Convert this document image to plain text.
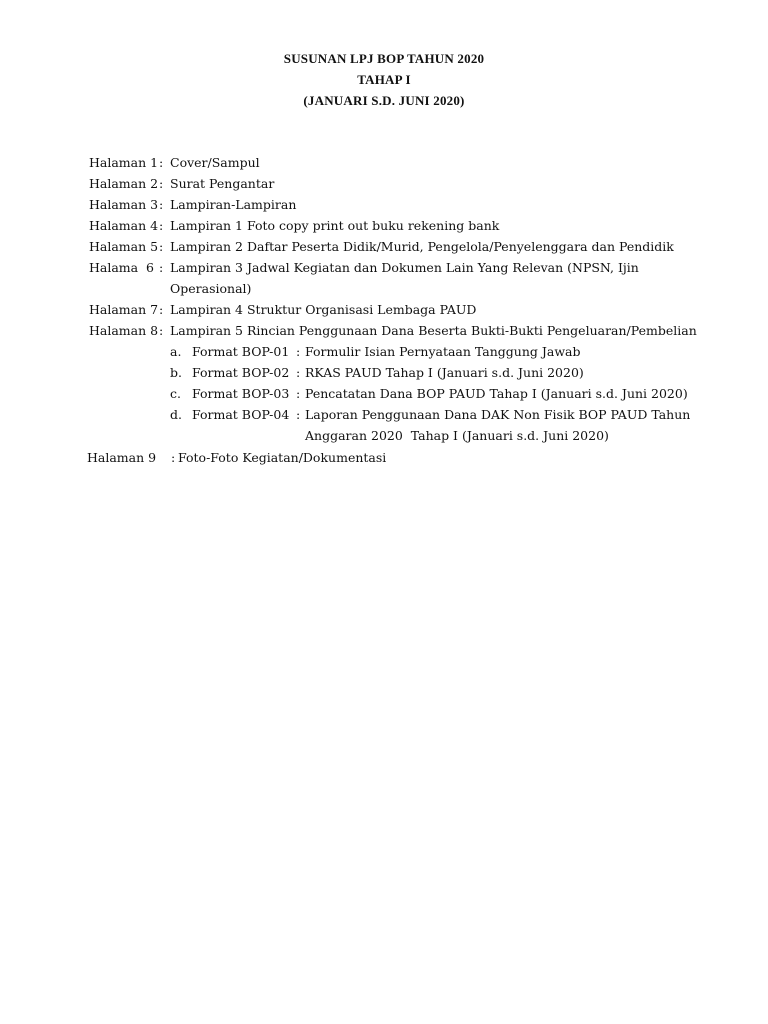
SUSUNAN LPJ BOP TAHUN 2020
TAHAP I
(JANUARI S.D. JUNI 2020)
Halaman 1 : Cover/Sampul
Halaman 2 : Surat Pengantar
Halaman 3 : Lampiran-Lampiran
Halaman 4 : Lampiran 1 Foto copy print out buku rekening bank
Halaman 5 : Lampiran 2 Daftar Peserta Didik/Murid, Pengelola/Penyelenggara dan Pendidik
Halama  6 : Lampiran 3 Jadwal Kegiatan dan Dokumen Lain Yang Relevan (NPSN, Ijin
Operasional)
Halaman 7 : Lampiran 4 Struktur Organisasi Lembaga PAUD
Halaman 8 : Lampiran 5 Rincian Penggunaan Dana Beserta Bukti-Bukti Pengeluaran/Pembelian
a. Format BOP-01 : Formulir Isian Pernyataan Tanggung Jawab
b. Format BOP-02 : RKAS PAUD Tahap I (Januari s.d. Juni 2020)
c. Format BOP-03 : Pencatatan Dana BOP PAUD Tahap I (Januari s.d. Juni 2020)
d. Format BOP-04 : Laporan Penggunaan Dana DAK Non Fisik BOP PAUD Tahun
Anggaran 2020  Tahap I (Januari s.d. Juni 2020)
Halaman 9 : Foto-Foto Kegiatan/Dokumentasi
